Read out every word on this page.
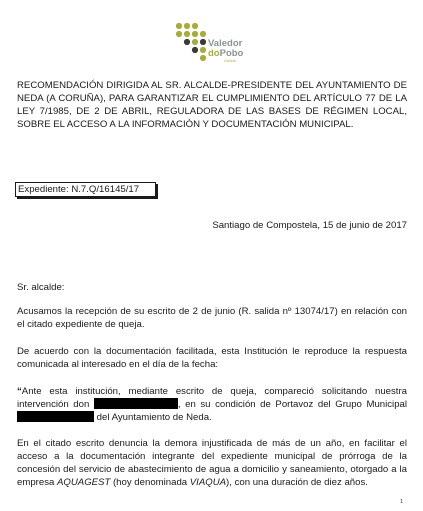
Valedor
doPobo
Galicia

RECOMENDACIÓN DIRIGIDA AL SR. ALCALDE-PRESIDENTE DEL AYUNTAMIENTO DE NEDA (A CORUÑA), PARA GARANTIZAR EL CUMPLIMIENTO DEL ARTÍCULO 77 DE LA LEY 7/1985, DE 2 DE ABRIL, REGULADORA DE LAS BASES DE RÉGIMEN LOCAL, SOBRE EL ACCESO A LA INFORMACIÓN Y DOCUMENTACIÓN MUNICIPAL.

Expediente: N.7.Q/16145/17
Santiago de Compostela, 15 de junio de 2017

Sr. alcalde:

Acusamos la recepción de su escrito de 2 de junio (R. salida nº 13074/17) en relación con el citado expediente de queja.

De acuerdo con la documentación facilitada, esta Institución le reproduce la respuesta comunicada al interesado en el día de la fecha:

“Ante esta institución, mediante escrito de queja, compareció solicitando nuestra intervención don	, en su condición de Portavoz del Grupo Municipal  del Ayuntamiento de Neda.

En el citado escrito denuncia la demora injustificada de más de un año, en facilitar el acceso a la documentación integrante del expediente municipal de prórroga de la concesión del servicio de abastecimiento de agua a domicilio y saneamiento, otorgado a la empresa AQUAGEST (hoy denominada VIAQUA), con una duración de diez años.

1
